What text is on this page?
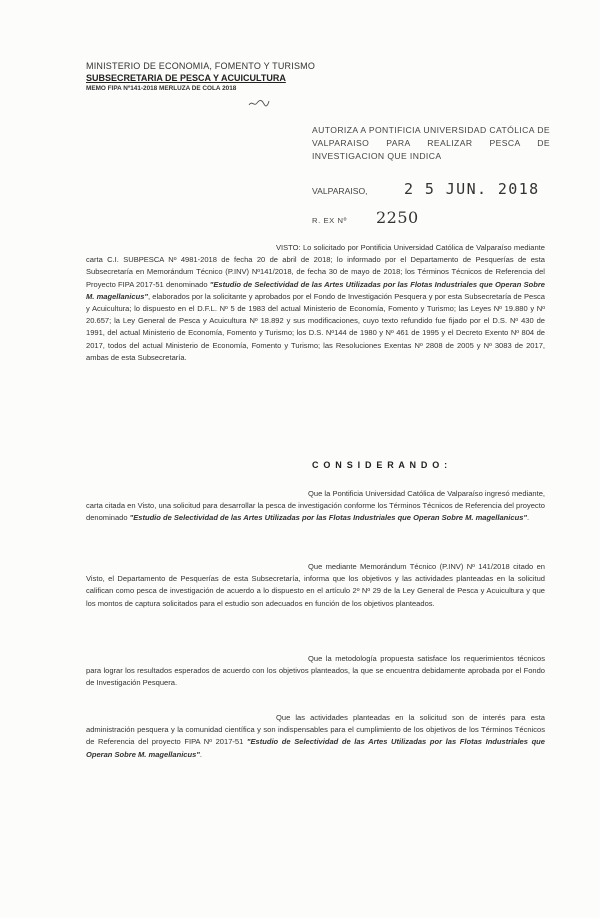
MINISTERIO DE ECONOMIA, FOMENTO Y TURISMO
SUBSECRETARIA DE PESCA Y ACUICULTURA
MEMO FIPA Nº141-2018 MERLUZA DE COLA 2018
AUTORIZA A PONTIFICIA UNIVERSIDAD CATÓLICA DE VALPARAISO PARA REALIZAR PESCA DE INVESTIGACION QUE INDICA
VALPARAISO, 2 5 JUN. 2018
R. EX Nº 2250
VISTO: Lo solicitado por Pontificia Universidad Católica de Valparaíso mediante carta C.I. SUBPESCA Nº 4981-2018 de fecha 20 de abril de 2018; lo informado por el Departamento de Pesquerías de esta Subsecretaría en Memorándum Técnico (P.INV) Nº141/2018, de fecha 30 de mayo de 2018; los Términos Técnicos de Referencia del Proyecto FIPA 2017-51 denominado "Estudio de Selectividad de las Artes Utilizadas por las Flotas Industriales que Operan Sobre M. magellanicus", elaborados por la solicitante y aprobados por el Fondo de Investigación Pesquera y por esta Subsecretaría de Pesca y Acuicultura; lo dispuesto en el D.F.L. Nº 5 de 1983 del actual Ministerio de Economía, Fomento y Turismo; las Leyes Nº 19.880 y Nº 20.657; la Ley General de Pesca y Acuicultura Nº 18.892 y sus modificaciones, cuyo texto refundido fue fijado por el D.S. Nº 430 de 1991, del actual Ministerio de Economía, Fomento y Turismo; los D.S. Nº144 de 1980 y Nº 461 de 1995 y el Decreto Exento Nº 804 de 2017, todos del actual Ministerio de Economía, Fomento y Turismo; las Resoluciones Exentas Nº 2808 de 2005 y Nº 3083 de 2017, ambas de esta Subsecretaría.
C O N S I D E R A N D O :
Que la Pontificia Universidad Católica de Valparaíso ingresó mediante, carta citada en Visto, una solicitud para desarrollar la pesca de investigación conforme los Términos Técnicos de Referencia del proyecto denominado "Estudio de Selectividad de las Artes Utilizadas por las Flotas Industriales que Operan Sobre M. magellanicus".
Que mediante Memorándum Técnico (P.INV) Nº 141/2018 citado en Visto, el Departamento de Pesquerías de esta Subsecretaría, informa que los objetivos y las actividades planteadas en la solicitud califican como pesca de investigación de acuerdo a lo dispuesto en el artículo 2º Nº 29 de la Ley General de Pesca y Acuicultura y que los montos de captura solicitados para el estudio son adecuados en función de los objetivos planteados.
Que la metodología propuesta satisface los requerimientos técnicos para lograr los resultados esperados de acuerdo con los objetivos planteados, la que se encuentra debidamente aprobada por el Fondo de Investigación Pesquera.
Que las actividades planteadas en la solicitud son de interés para esta administración pesquera y la comunidad científica y son indispensables para el cumplimiento de los objetivos de los Términos Técnicos de Referencia del proyecto FIPA Nº 2017-51 "Estudio de Selectividad de las Artes Utilizadas por las Flotas Industriales que Operan Sobre M. magellanicus".
